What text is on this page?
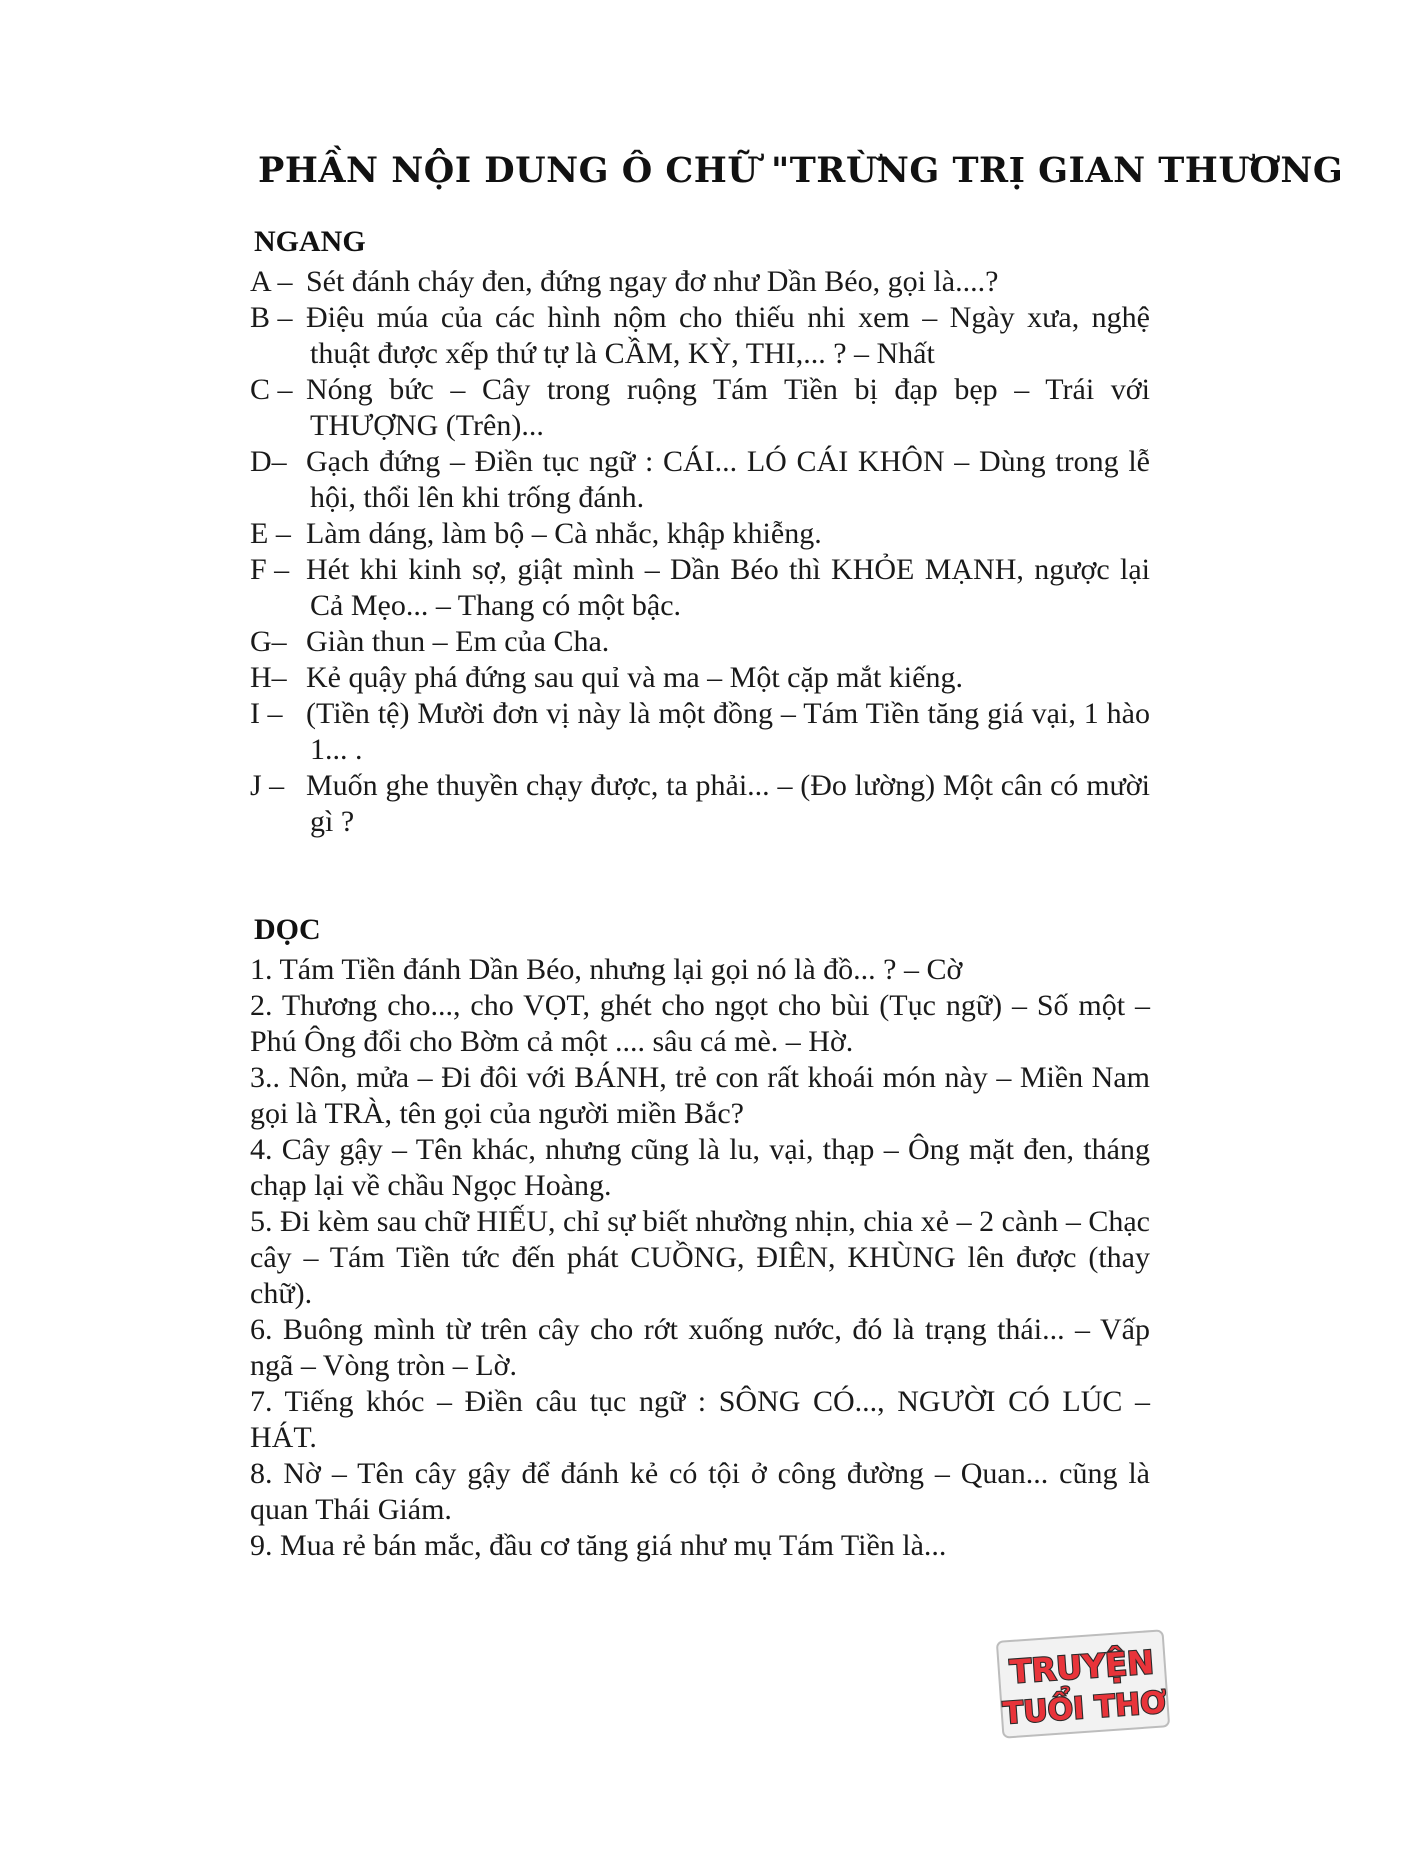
PHẦN NỘI DUNG Ô CHỮ "TRỪNG TRỊ GIAN THƯƠNG
NGANG
A – Sét đánh cháy đen, đứng ngay đơ như Dần Béo, gọi là....?
B – Điệu múa của các hình nộm cho thiếu nhi xem – Ngày xưa, nghệ thuật được xếp thứ tự là CẦM, KỲ, THI,... ? – Nhất
C – Nóng bức – Cây trong ruộng Tám Tiền bị đạp bẹp – Trái với THƯỢNG (Trên)...
D– Gạch đứng – Điền tục ngữ : CÁI... LÓ CÁI KHÔN – Dùng trong lễ hội, thổi lên khi trống đánh.
E – Làm dáng, làm bộ – Cà nhắc, khập khiễng.
F – Hét khi kinh sợ, giật mình – Dần Béo thì KHỎE MẠNH, ngược lại Cả Mẹo... – Thang có một bậc.
G– Giàn thun – Em của Cha.
H– Kẻ quậy phá đứng sau quỉ và ma – Một cặp mắt kiếng.
I – (Tiền tệ) Mười đơn vị này là một đồng – Tám Tiền tăng giá vại, 1 hào 1... .
J – Muốn ghe thuyền chạy được, ta phải... – (Đo lường) Một cân có mười gì ?
DỌC
1. Tám Tiền đánh Dần Béo, nhưng lại gọi nó là đồ... ? – Cờ
2. Thương cho..., cho VỌT, ghét cho ngọt cho bùi (Tục ngữ) – Số một – Phú Ông đổi cho Bờm cả một .... sâu cá mè. – Hờ.
3.. Nôn, mửa – Đi đôi với BÁNH, trẻ con rất khoái món này – Miền Nam gọi là TRÀ, tên gọi của người miền Bắc?
4. Cây gậy – Tên khác, nhưng cũng là lu, vại, thạp – Ông mặt đen, tháng chạp lại về chầu Ngọc Hoàng.
5. Đi kèm sau chữ HIẾU, chỉ sự biết nhường nhịn, chia xẻ – 2 cành – Chạc cây – Tám Tiền tức đến phát CUỒNG, ĐIÊN, KHÙNG lên được (thay chữ).
6. Buông mình từ trên cây cho rớt xuống nước, đó là trạng thái... – Vấp ngã – Vòng tròn – Lờ.
7. Tiếng khóc – Điền câu tục ngữ : SÔNG CÓ..., NGƯỜI CÓ LÚC – HÁT.
8. Nờ – Tên cây gậy để đánh kẻ có tội ở công đường – Quan... cũng là quan Thái Giám.
9. Mua rẻ bán mắc, đầu cơ tăng giá như mụ Tám Tiền là...
TRUYỆN
TUỔI THƠ
